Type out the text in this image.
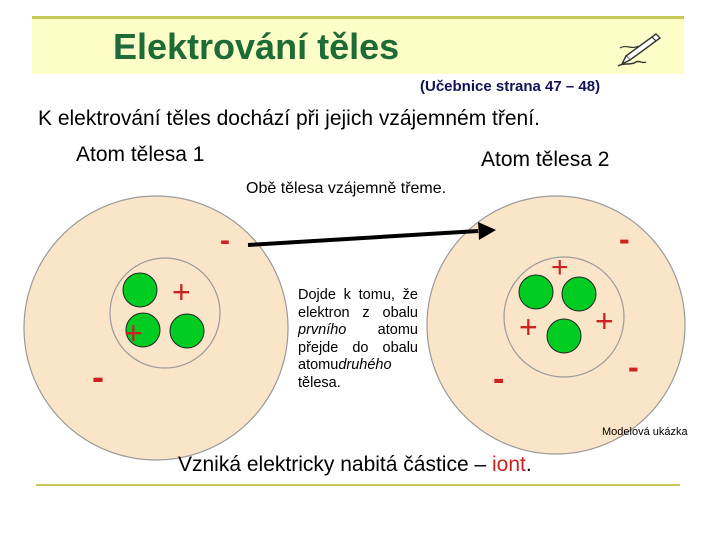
Elektrování těles
(Učebnice strana 47 – 48)
K elektrování těles dochází při jejich vzájemném tření.
Atom tělesa 1	Atom tělesa 2
Obě tělesa vzájemně třeme.
-
+
+
-
-
+
+ +
-	-
Dojde k tomu, že elektron z obalu prvního atomu přejde do obalu atomudruhého tělesa.
Modelová ukázka
Vzniká elektricky nabitá částice – iont.
